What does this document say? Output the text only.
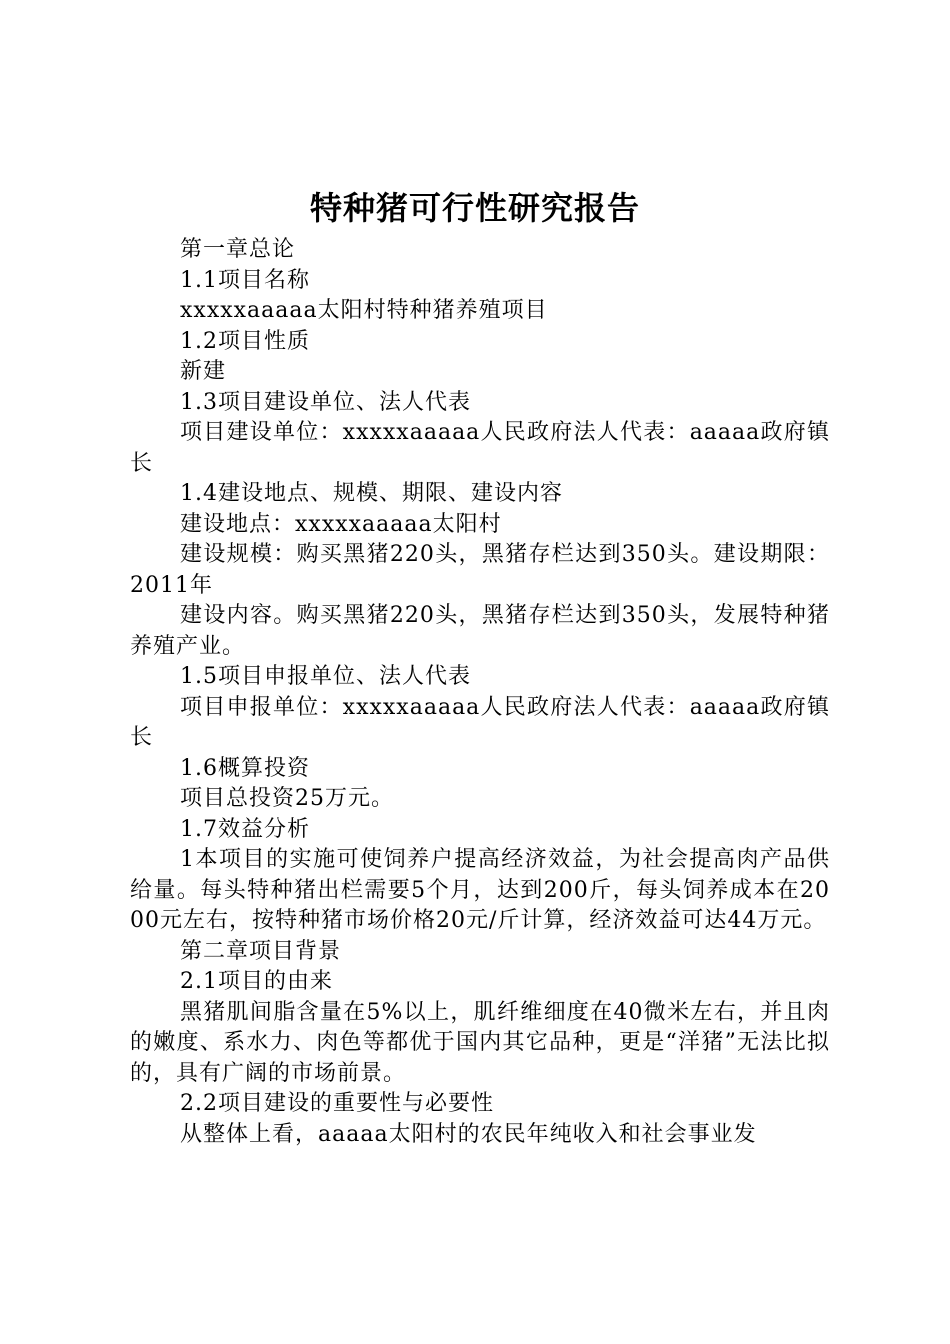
特种猪可行性研究报告

第一章总论

1.1项目名称

xxxxxaaaaa太阳村特种猪养殖项目

1.2项目性质

新建

1.3项目建设单位、法人代表

项目建设单位：xxxxxaaaaa人民政府法人代表：aaaaa政府镇长

1.4建设地点、规模、期限、建设内容

建设地点：xxxxxaaaaa太阳村

建设规模：购买黑猪220头，黑猪存栏达到350头。建设期限：2011年

建设内容。购买黑猪220头，黑猪存栏达到350头，发展特种猪养殖产业。

1.5项目申报单位、法人代表

项目申报单位：xxxxxaaaaa人民政府法人代表：aaaaa政府镇长

1.6概算投资

项目总投资25万元。

1.7效益分析

1本项目的实施可使饲养户提高经济效益，为社会提高肉产品供给量。每头特种猪出栏需要5个月，达到200斤，每头饲养成本在2000元左右，按特种猪市场价格20元/斤计算，经济效益可达44万元。

第二章项目背景

2.1项目的由来

黑猪肌间脂含量在5%以上，肌纤维细度在40微米左右，并且肉的嫩度、系水力、肉色等都优于国内其它品种，更是“洋猪”无法比拟的，具有广阔的市场前景。

2.2项目建设的重要性与必要性

从整体上看，aaaaa太阳村的农民年纯收入和社会事业发
